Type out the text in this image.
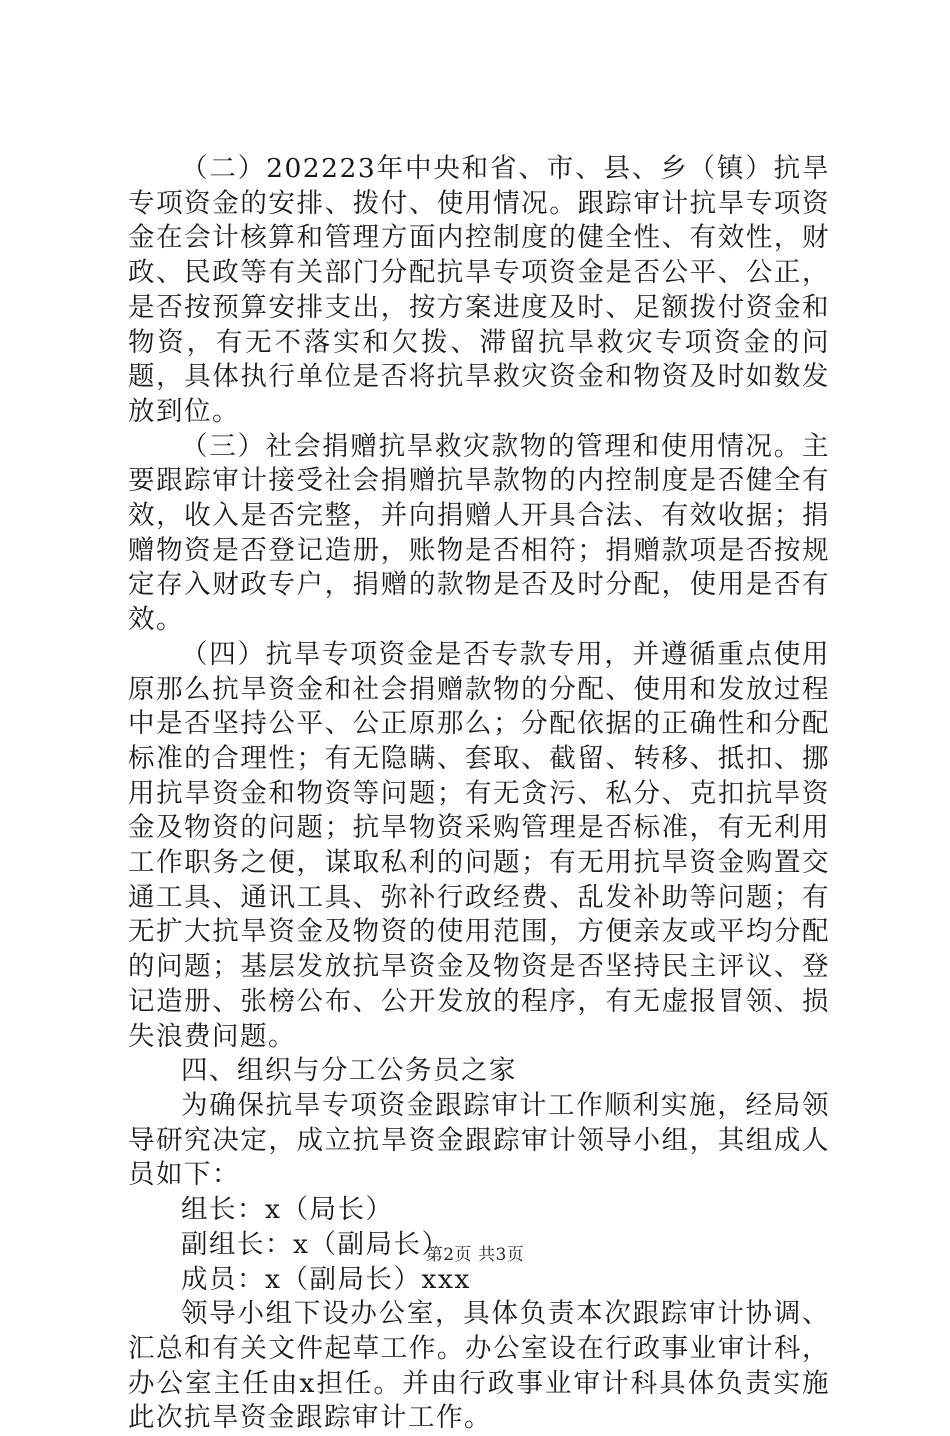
（二）202223年中央和省、市、县、乡（镇）抗旱专项资金的安排、拨付、使用情况。跟踪审计抗旱专项资金在会计核算和管理方面内控制度的健全性、有效性，财政、民政等有关部门分配抗旱专项资金是否公平、公正，是否按预算安排支出，按方案进度及时、足额拨付资金和物资，有无不落实和欠拨、滞留抗旱救灾专项资金的问题，具体执行单位是否将抗旱救灾资金和物资及时如数发放到位。

（三）社会捐赠抗旱救灾款物的管理和使用情况。主要跟踪审计接受社会捐赠抗旱款物的内控制度是否健全有效，收入是否完整，并向捐赠人开具合法、有效收据；捐赠物资是否登记造册，账物是否相符；捐赠款项是否按规定存入财政专户，捐赠的款物是否及时分配，使用是否有效。

（四）抗旱专项资金是否专款专用，并遵循重点使用原那么抗旱资金和社会捐赠款物的分配、使用和发放过程中是否坚持公平、公正原那么；分配依据的正确性和分配标准的合理性；有无隐瞒、套取、截留、转移、抵扣、挪用抗旱资金和物资等问题；有无贪污、私分、克扣抗旱资金及物资的问题；抗旱物资采购管理是否标准，有无利用工作职务之便，谋取私利的问题；有无用抗旱资金购置交通工具、通讯工具、弥补行政经费、乱发补助等问题；有无扩大抗旱资金及物资的使用范围，方便亲友或平均分配的问题；基层发放抗旱资金及物资是否坚持民主评议、登记造册、张榜公布、公开发放的程序，有无虚报冒领、损失浪费问题。

四、组织与分工公务员之家

为确保抗旱专项资金跟踪审计工作顺利实施，经局领导研究决定，成立抗旱资金跟踪审计领导小组，其组成人员如下：

组长：x（局长）

副组长：x（副局长）

成员：x（副局长）xxx

领导小组下设办公室，具体负责本次跟踪审计协调、汇总和有关文件起草工作。办公室设在行政事业审计科，办公室主任由x担任。并由行政事业审计科具体负责实施此次抗旱资金跟踪审计工作。

第2页 共3页
